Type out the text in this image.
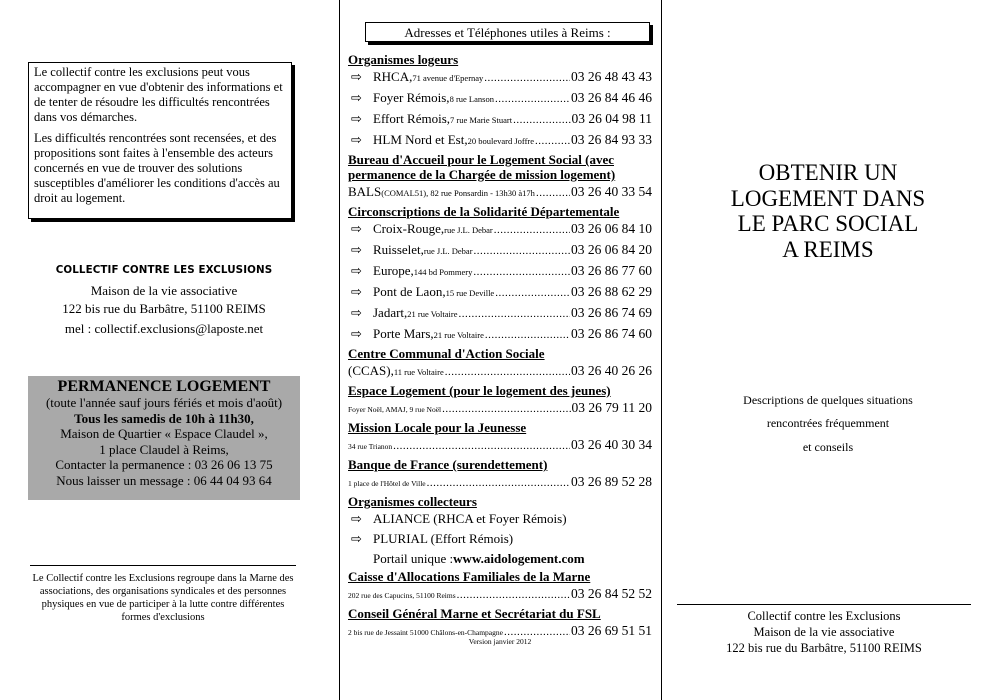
Le collectif contre les exclusions peut vous accompagner en vue d'obtenir des informations et de tenter de résoudre les difficultés rencontrées dans vos démarches.

Les difficultés rencontrées sont recensées, et des propositions sont faites à l'ensemble des acteurs concernés en vue de trouver des solutions susceptibles d'améliorer les conditions d'accès au droit au logement.

COLLECTIF CONTRE LES EXCLUSIONS
Maison de la vie associative
122 bis rue du Barbâtre, 51100 REIMS
mel : collectif.exclusions@laposte.net
PERMANENCE LOGEMENT
(toute l'année sauf jours fériés et mois d'août)
Tous les samedis de 10h à 11h30,
Maison de Quartier « Espace Claudel »,
1 place Claudel à Reims,
Contacter la permanence : 03 26 06 13 75
Nous laisser un message : 06 44 04 93 64
Le Collectif contre les Exclusions regroupe dans la Marne des associations, des organisations syndicales et des personnes physiques en vue de participer à la lutte contre différentes formes d'exclusions
Adresses et Téléphones utiles à Reims :
Organismes logeurs
⇨ RHCA, 71 avenue d'Epernay .....	03 26 48 43 43
⇨ Foyer Rémois, 8 rue Lanson .....	03 26 84 46 46
⇨ Effort Rémois, 7 rue Marie Stuart .....	03 26 04 98 11
⇨ HLM Nord et Est, 20 boulevard Joffre .....	03 26 84 93 33
Bureau d'Accueil pour le Logement Social (avec permanence de la Chargée de mission logement)
BALS (COMAL51), 82 rue Ponsardin - 13h30 à17h .....	03 26 40 33 54
Circonscriptions de la Solidarité Départementale
⇨ Croix-Rouge, rue J.L. Debar .....	03 26 06 84 10
⇨ Ruisselet, rue J.L. Debar .....	03 26 06 84 20
⇨ Europe, 144 bd Pommery .....	03 26 86 77 60
⇨ Pont de Laon, 15 rue Deville .....	03 26 88 62 29
⇨ Jadart, 21 rue Voltaire .....	03 26 86 74 69
⇨ Porte Mars, 21 rue Voltaire .....	03 26 86 74 60
Centre Communal d'Action Sociale
(CCAS), 11 rue Voltaire .....	03 26 40 26 26
Espace Logement (pour le logement des jeunes)
Foyer Noël, AMAJ, 9 rue Noël .....	03 26 79 11 20
Mission Locale pour la Jeunesse
34 rue Trianon .....	03 26 40 30 34
Banque de France (surendettement)
1 place de l'Hôtel de Ville .....	03 26 89 52 28
Organismes collecteurs
⇨ ALIANCE (RHCA et Foyer Rémois)
⇨ PLURIAL (Effort Rémois)
Portail unique : www.aidologement.com
Caisse d'Allocations Familiales de la Marne
202 rue des Capucins, 51100 Reims .....	03 26 84 52 52
Conseil Général Marne et Secrétariat du FSL
2 bis rue de Jessaint 51000 Châlons-en-Champagne .....	03 26 69 51 51
Version janvier 2012
OBTENIR UN
LOGEMENT DANS
LE PARC SOCIAL
A REIMS
Descriptions de quelques situations
rencontrées fréquemment
et conseils
Collectif contre les Exclusions
Maison de la vie associative
122 bis rue du Barbâtre, 51100 REIMS
